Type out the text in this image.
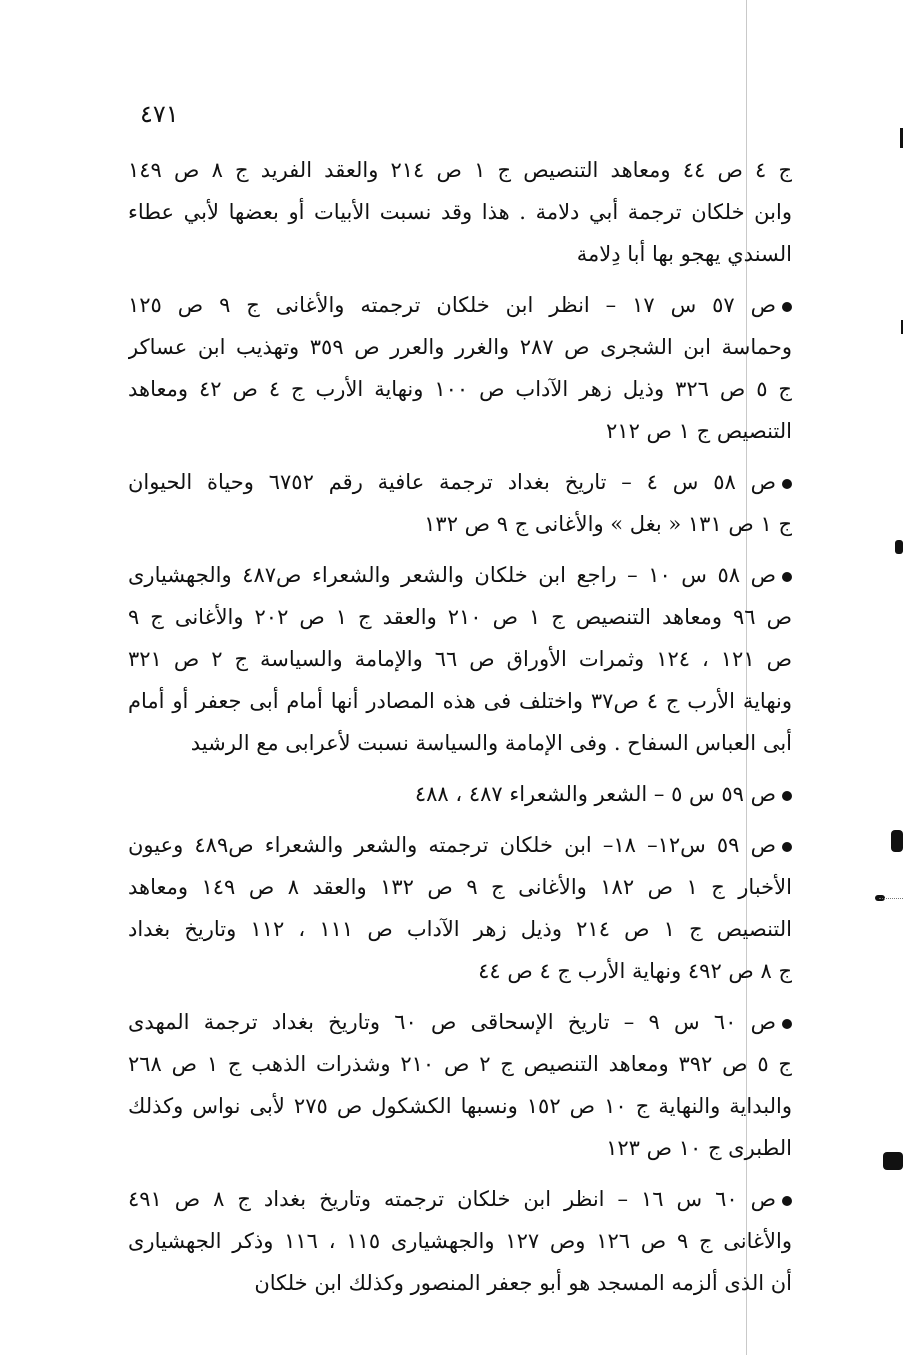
٤٧١
ج ٤ ص ٤٤ ومعاهد التنصيص ج ١ ص ٢١٤ والعقد الفريد ج ٨ ص ١٤٩
وابن خلكان ترجمة أبي دلامة . هذا وقد نسبت الأبيات أو بعضها لأبي عطاء
السندي يهجو بها أبا دِلامة
ص ٥٧ س ١٧ – انظر ابن خلكان ترجمته والأغانى ج ٩ ص ١٢٥
وحماسة ابن الشجرى ص ٢٨٧ والغرر والعرر ص ٣٥٩ وتهذيب ابن عساكر
ج ٥ ص ٣٢٦ وذيل زهر الآداب ص ١٠٠ ونهاية الأرب ج ٤ ص ٤٢ ومعاهد
التنصيص ج ١ ص ٢١٢
ص ٥٨ س ٤ – تاريخ بغداد ترجمة عافية رقم ٦٧٥٢ وحياة الحيوان
ج ١ ص ١٣١ « بغل » والأغانى ج ٩ ص ١٣٢
ص ٥٨ س ١٠ – راجع ابن خلكان والشعر والشعراء ص٤٨٧ والجهشيارى
ص ٩٦ ومعاهد التنصيص ج ١ ص ٢١٠ والعقد ج ١ ص ٢٠٢ والأغانى ج ٩
ص ١٢١ ، ١٢٤ وثمرات الأوراق ص ٦٦ والإمامة والسياسة ج ٢ ص ٣٢١
ونهاية الأرب ج ٤ ص٣٧ واختلف فى هذه المصادر أنها أمام أبى جعفر أو أمام
أبى العباس السفاح . وفى الإمامة والسياسة نسبت لأعرابى مع الرشيد
ص ٥٩ س ٥ – الشعر والشعراء ٤٨٧ ، ٤٨٨
ص ٥٩ س١٢– ١٨– ابن خلكان ترجمته والشعر والشعراء ص٤٨٩ وعيون
الأخبار ج ١ ص ١٨٢ والأغانى ج ٩ ص ١٣٢ والعقد ٨ ص ١٤٩ ومعاهد
التنصيص ج ١ ص ٢١٤ وذيل زهر الآداب ص ١١١ ، ١١٢ وتاريخ بغداد
ج ٨ ص ٤٩٢ ونهاية الأرب ج ٤ ص ٤٤
ص ٦٠ س ٩ – تاريخ الإسحاقى ص ٦٠ وتاريخ بغداد ترجمة المهدى
ج ٥ ص ٣٩٢ ومعاهد التنصيص ج ٢ ص ٢١٠ وشذرات الذهب ج ١ ص ٢٦٨
والبداية والنهاية ج ١٠ ص ١٥٢ ونسبها الكشكول ص ٢٧٥ لأبى نواس وكذلك
الطبرى ج ١٠ ص ١٢٣
ص ٦٠ س ١٦ – انظر ابن خلكان ترجمته وتاريخ بغداد ج ٨ ص ٤٩١
والأغانى ج ٩ ص ١٢٦ وص ١٢٧ والجهشيارى ١١٥ ، ١١٦ وذكر الجهشيارى
أن الذى ألزمه المسجد هو أبو جعفر المنصور وكذلك ابن خلكان
